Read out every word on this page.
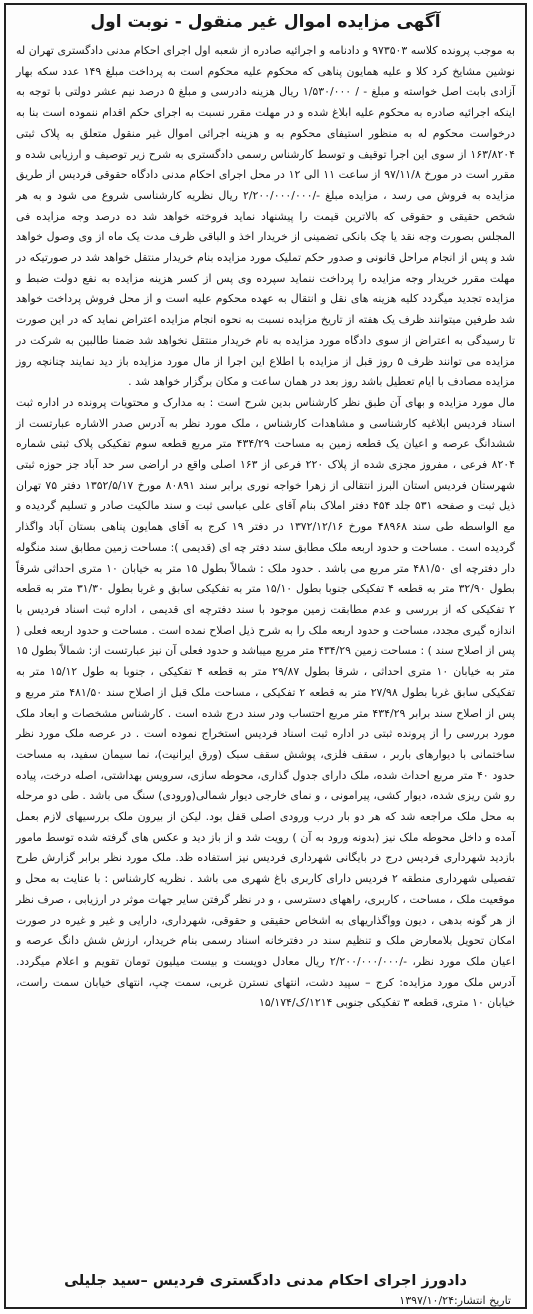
آگهی مزایده اموال غیر منقول - نوبت اول

به موجب پرونده کلاسه ۹۷۳۵۰۳ و دادنامه و اجرائیه صادره از شعبه اول اجرای احکام مدنی دادگستری تهران له نوشین مشایخ کرد کلا و علیه همایون پناهی که محکوم علیه محکوم است به پرداخت مبلغ ۱۴۹ عدد سکه بهار آزادی بابت اصل خواسته و مبلغ - / ۱/۵۳۰/۰۰۰ ریال هزینه دادرسی و مبلغ ۵ درصد نیم عشر دولتی با توجه به اینکه اجرائیه صادره به محکوم علیه ابلاغ شده و در مهلت مقرر نسبت به اجرای حکم اقدام ننموده است بنا به درخواست محکوم له به منظور استیفای محکوم به و هزینه اجرائی اموال غیر منقول متعلق به پلاک ثبتی ۱۶۳/۸۲۰۴ از سوی این اجرا توقیف و توسط کارشناس رسمی دادگستری به شرح زیر توصیف و ارزیابی شده و مقرر است در مورخ ۹۷/۱۱/۸ از ساعت ۱۱ الی ۱۲ در محل اجرای احکام مدنی دادگاه حقوقی فردیس از طریق مزایده به فروش می رسد ، مزایده مبلغ -/۲/۲۰۰/۰۰۰/۰۰۰ ریال نظریه کارشناسی شروع می شود و به هر شخص حقیقی و حقوقی که بالاترین قیمت را پیشنهاد نماید فروخته خواهد شد ده درصد وجه مزایده فی المجلس بصورت وجه نقد یا چک بانکی تضمینی از خریدار اخذ و الباقی ظرف مدت یک ماه از وی وصول خواهد شد و پس از انجام مراحل قانونی و صدور حکم تملیک مورد مزایده بنام خریدار منتقل خواهد شد در صورتیکه در مهلت مقرر خریدار وجه مزایده را پرداخت ننماید سپرده وی پس از کسر هزینه مزایده به نفع دولت ضبط و مزایده تجدید میگردد کلیه هزینه های نقل و انتقال به عهده محکوم علیه است و از محل فروش پرداخت خواهد شد طرفین میتوانند ظرف یک هفته از تاریخ مزایده نسبت به نحوه انجام مزایده اعتراض نماید که در این صورت تا رسیدگی به اعتراض از سوی دادگاه مورد مزایده به نام خریدار منتقل نخواهد شد ضمنا طالبین به شرکت در مزایده می توانند ظرف ۵ روز قبل از مزایده با اطلاع این اجرا از مال مورد مزایده باز دید نمایند چنانچه روز مزایده مصادف با ایام تعطیل باشد روز بعد در همان ساعت و مکان برگزار خواهد شد .

مال مورد مزایده و بهای آن طبق نظر کارشناس بدین شرح است : به مدارک و محتویات پرونده در اداره ثبت اسناد فردیس ابلاغیه کارشناسی و مشاهدات کارشناس ، ملک مورد نظر به آدرس صدر الاشاره عبارتست از ششدانگ عرصه و اعیان یک قطعه زمین به مساحت ۴۳۴/۲۹ متر مربع قطعه سوم تفکیکی پلاک ثبتی شماره ۸۲۰۴ فرعی ، مفروز مجزی شده از پلاک ۲۲۰ فرعی از ۱۶۳ اصلی واقع در اراضی سر حد آباد جز حوزه ثبتی شهرستان فردیس استان البرز انتقالی از زهرا خواجه نوری برابر سند ۸۰۸۹۱ مورخ ۱۳۵۲/۵/۱۷ دفتر ۷۵ تهران ذیل ثبت و صفحه ۵۳۱ جلد ۴۵۴ دفتر املاک بنام آقای علی عباسی ثبت و سند مالکیت صادر و تسلیم گردیده و مع الواسطه طی سند ۴۸۹۶۸ مورخ ۱۳۷۲/۱۲/۱۶ در دفتر ۱۹ کرج به آقای همایون پناهی بستان آباد واگذار گردیده است . مساحت و حدود اربعه ملک مطابق سند دفتر چه ای (قدیمی ): مساحت زمین مطابق سند منگوله دار دفترچه ای ۴۸۱/۵۰ متر مربع می باشد . حدود ملک : شمالاً بطول ۱۵ متر به خیابان ۱۰ متری احداثی شرقاً بطول ۳۲/۹۰ متر به قطعه ۴ تفکیکی جنوبا بطول ۱۵/۱۰ متر به تفکیکی سابق و غربا بطول ۳۱/۳۰ متر به قطعه ۲ تفکیکی که از بررسی و عدم مطابقت زمین موجود با سند دفترچه ای قدیمی ، اداره ثبت اسناد فردیس با اندازه گیری مجدد، مساحت و حدود اربعه ملک را به شرح ذیل اصلاح نمده است . مساحت و حدود اربعه فعلی ( پس از اصلاح سند ) : مساحت زمین ۴۳۴/۲۹ متر مربع میباشد و حدود فعلی آن نیز عبارتست از: شمالاً بطول ۱۵ متر به خیابان ۱۰ متری احداثی ، شرقا بطول ۲۹/۸۷ متر به قطعه ۴ تفکیکی ، جنوبا به طول ۱۵/۱۲ متر به تفکیکی سابق غربا بطول ۲۷/۹۸ متر به قطعه ۲ تفکیکی ، مساحت ملک قبل از اصلاح سند ۴۸۱/۵۰ متر مربع و پس از اصلاح سند برابر ۴۳۴/۲۹ متر مربع احتساب ودر سند درج شده است . کارشناس مشخصات و ابعاد ملک مورد بررسی را از پرونده ثبتی در اداره ثبت اسناد فردیس استخراج نموده است . در عرصه ملک مورد نظر ساختمانی با دیوارهای باربر ، سقف فلزی، پوشش سقف سبک (ورق ایرانیت)، نما سیمان سفید، به مساحت حدود ۴۰ متر مربع احداث شده، ملک دارای جدول گذاری، محوطه سازی، سرویس بهداشتی، اصله درخت، پیاده رو شن ریزی شده، دیوار کشی، پیرامونی ، و نمای خارجی دیوار شمالی(ورودی) سنگ می باشد . طی دو مرحله به محل ملک مراجعه شد که هر دو بار درب ورودی اصلی قفل بود. لیکن از بیرون ملک بررسیهای لازم بعمل آمده و داخل محوطه ملک نیز (بدونه ورود به آن ) رویت شد و از باز دید و عکس های گرفته شده توسط مامور بازدید شهرداری فردیس درج در بایگانی شهرداری فردیس نیز استفاده ظد. ملک مورد نظر برابر گزارش طرح تفصیلی شهرداری منطقه ۲ فردیس دارای کاربری باغ شهری می باشد . نظریه کارشناس : با عنایت به محل و موقعیت ملک ، مساحت ، کاربری، راههای دسترسی ، و در نظر گرفتن سایر جهات موثر در ارزیابی ، صرف نظر از هر گونه بدهی ، دیون وواگذاریهای به اشخاص حقیقی و حقوقی، شهرداری، دارایی و غیر و غیره در صورت امکان تحویل بلامعارض ملک و تنظیم سند در دفترخانه اسناد رسمی بنام خریدار، ارزش شش دانگ عرصه و اعیان ملک مورد نظر، -/۲/۲۰۰/۰۰۰/۰۰۰ ریال معادل دویست و بیست میلیون تومان تقویم و اعلام میگردد. آدرس ملک مورد مزایده: کرج – سپید دشت، انتهای نسترن غربی، سمت چپ، انتهای خیابان سمت راست، خیابان ۱۰ متری، قطعه ۳ تفکیکی جنوبی ۱۲۱۴/ک/۱۵/۱۷۴

دادورز اجرای احکام مدنی دادگستری فردیس –سید جلیلی
تاریخ انتشار:۱۳۹۷/۱۰/۲۴
